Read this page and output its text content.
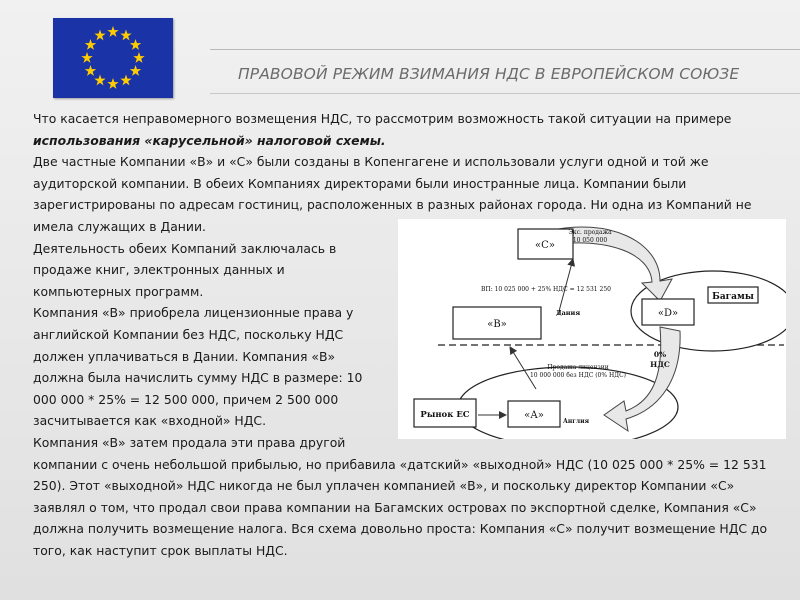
ПРАВОВОЙ РЕЖИМ ВЗИМАНИЯ НДС В ЕВРОПЕЙСКОМ СОЮЗЕ

Что касается неправомерного возмещения НДС, то рассмотрим возможность такой ситуации на примере использования «карусельной» налоговой схемы.

Две частные Компании «В» и «С» были созданы в Копенгагене и использовали услуги одной и той же аудиторской компании. В обеих Компаниях директорами были иностранные лица. Компании были зарегистрированы по адресам гостиниц, расположенных в разных районах города. Ни одна из Компаний не имела служащих в Дании.

Деятельность обеих Компаний заключалась в продаже книг, электронных данных и компьютерных программ.

Компания «В» приобрела лицензионные права у английской Компании без НДС, поскольку НДС должен уплачиваться в Дании. Компания «В» должна была начислить сумму НДС в размере: 10 000 000 * 25% = 12 500 000, причем 2 500 000 засчитывается как «входной» НДС.

Компания «В» затем продала эти права другой

компании с очень небольшой прибылью, но прибавила «датский» «выходной» НДС (10 025 000 * 25% = 12 531 250). Этот «выходной» НДС никогда не был уплачен компанией «В», и поскольку директор Компании «С» заявлял о том, что продал свои права компании на Багамских островах по экспортной сделке, Компания «С» должна получить возмещение налога. Вся схема довольно проста: Компания «С» получит возмещение НДС до того, как наступит срок выплаты НДС.

«С»
«В»
«D»
Багамы
«А»
Рынок ЕС
Экс. продажа
10 050 000
ВП: 10 025 000 + 25% НДС = 12 531 250
Дания
Продажа лицензии
10 000 000 без НДС (0% НДС)
Англия
0%
НДС
